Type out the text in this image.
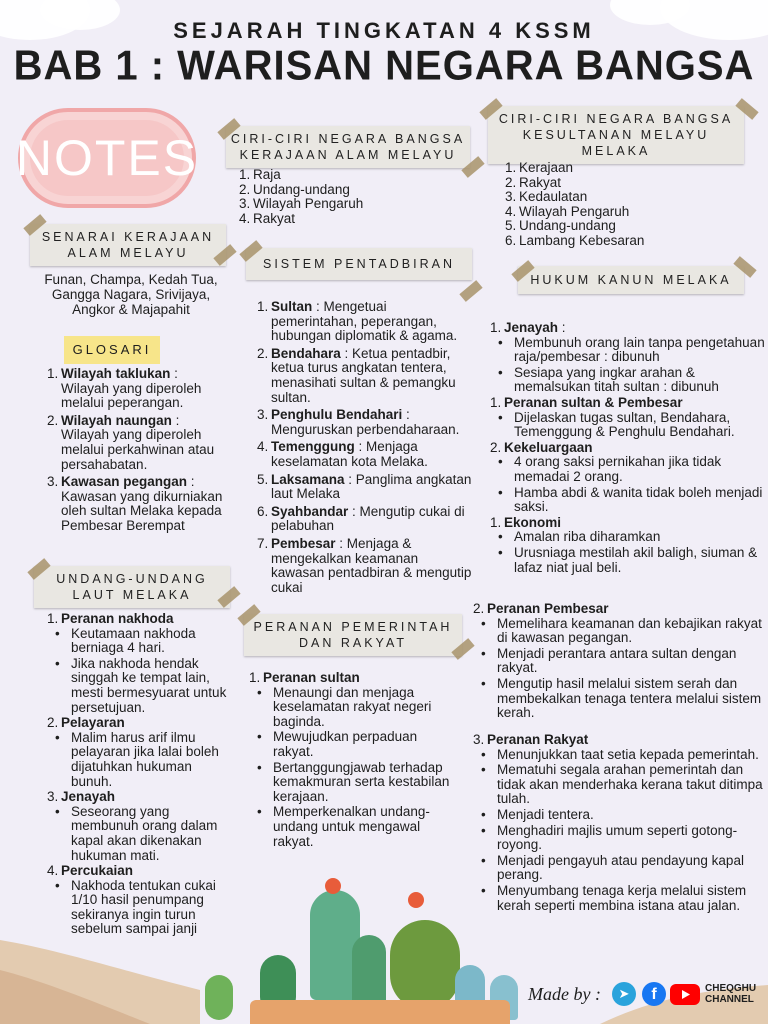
SEJARAH TINGKATAN 4 KSSM
BAB 1 : WARISAN NEGARA BANGSA
NOTES
SENARAI KERAJAAN ALAM MELAYU
Funan, Champa, Kedah Tua, Gangga Nagara, Srivijaya, Angkor & Majapahit
GLOSARI
1. Wilayah taklukan : Wilayah yang diperoleh melalui peperangan.
2. Wilayah naungan : Wilayah yang diperoleh melalui perkahwinan atau persahabatan.
3. Kawasan pegangan : Kawasan yang dikurniakan oleh sultan Melaka kepada Pembesar Berempat
UNDANG-UNDANG LAUT MELAKA
1. Peranan nakhoda
• Keutamaan nakhoda berniaga 4 hari.
• Jika nakhoda hendak singgah ke tempat lain, mesti bermesyuarat untuk persetujuan.
2. Pelayaran
• Malim harus arif ilmu pelayaran jika lalai boleh dijatuhkan hukuman bunuh.
3. Jenayah
• Seseorang yang membunuh orang dalam kapal akan dikenakan hukuman mati.
4. Percukaian
• Nakhoda tentukan cukai 1/10 hasil penumpang sekiranya ingin turun sebelum sampai janji
CIRI-CIRI NEGARA BANGSA KERAJAAN ALAM MELAYU
1. Raja
2. Undang-undang
3. Wilayah Pengaruh
4. Rakyat
SISTEM PENTADBIRAN
1. Sultan : Mengetuai pemerintahan, peperangan, hubungan diplomatik & agama.
2. Bendahara : Ketua pentadbir, ketua turus angkatan tentera, menasihati sultan & pemangku sultan.
3. Penghulu Bendahari : Menguruskan perbendaharaan.
4. Temenggung : Menjaga keselamatan kota Melaka.
5. Laksamana : Panglima angkatan laut Melaka
6. Syahbandar : Mengutip cukai di pelabuhan
7. Pembesar : Menjaga & mengekalkan keamanan kawasan pentadbiran & mengutip cukai
PERANAN PEMERINTAH DAN RAKYAT
1. Peranan sultan
• Menaungi dan menjaga keselamatan rakyat negeri baginda.
• Mewujudkan perpaduan rakyat.
• Bertanggungjawab terhadap kemakmuran serta kestabilan kerajaan.
• Memperkenalkan undang-undang untuk mengawal rakyat.
CIRI-CIRI NEGARA BANGSA KESULTANAN MELAYU MELAKA
1. Kerajaan
2. Rakyat
3. Kedaulatan
4. Wilayah Pengaruh
5. Undang-undang
6. Lambang Kebesaran
HUKUM KANUN MELAKA
1. Jenayah :
• Membunuh orang lain tanpa pengetahuan raja/pembesar : dibunuh
• Sesiapa yang ingkar arahan & memalsukan titah sultan : dibunuh
1. Peranan sultan & Pembesar
• Dijelaskan tugas sultan, Bendahara, Temenggung & Penghulu Bendahari.
2. Kekeluargaan
• 4 orang saksi pernikahan jika tidak memadai 2 orang.
• Hamba abdi & wanita tidak boleh menjadi saksi.
1. Ekonomi
• Amalan riba diharamkan
• Urusniaga mestilah akil baligh, siuman & lafaz niat jual beli.
2. Peranan Pembesar
• Memelihara keamanan dan kebajikan rakyat di kawasan pegangan.
• Menjadi perantara antara sultan dengan rakyat.
• Mengutip hasil melalui sistem serah dan membekalkan tenaga tentera melalui sistem kerah.
3. Peranan Rakyat
• Menunjukkan taat setia kepada pemerintah.
• Mematuhi segala arahan pemerintah dan tidak akan menderhaka kerana takut ditimpa tulah.
• Menjadi tentera.
• Menghadiri majlis umum seperti gotong- royong.
• Menjadi pengayuh atau pendayung kapal perang.
• Menyumbang tenaga kerja melalui sistem kerah seperti membina istana atau jalan.
Made by :	➤	f	CHEQGHU
CHANNEL
